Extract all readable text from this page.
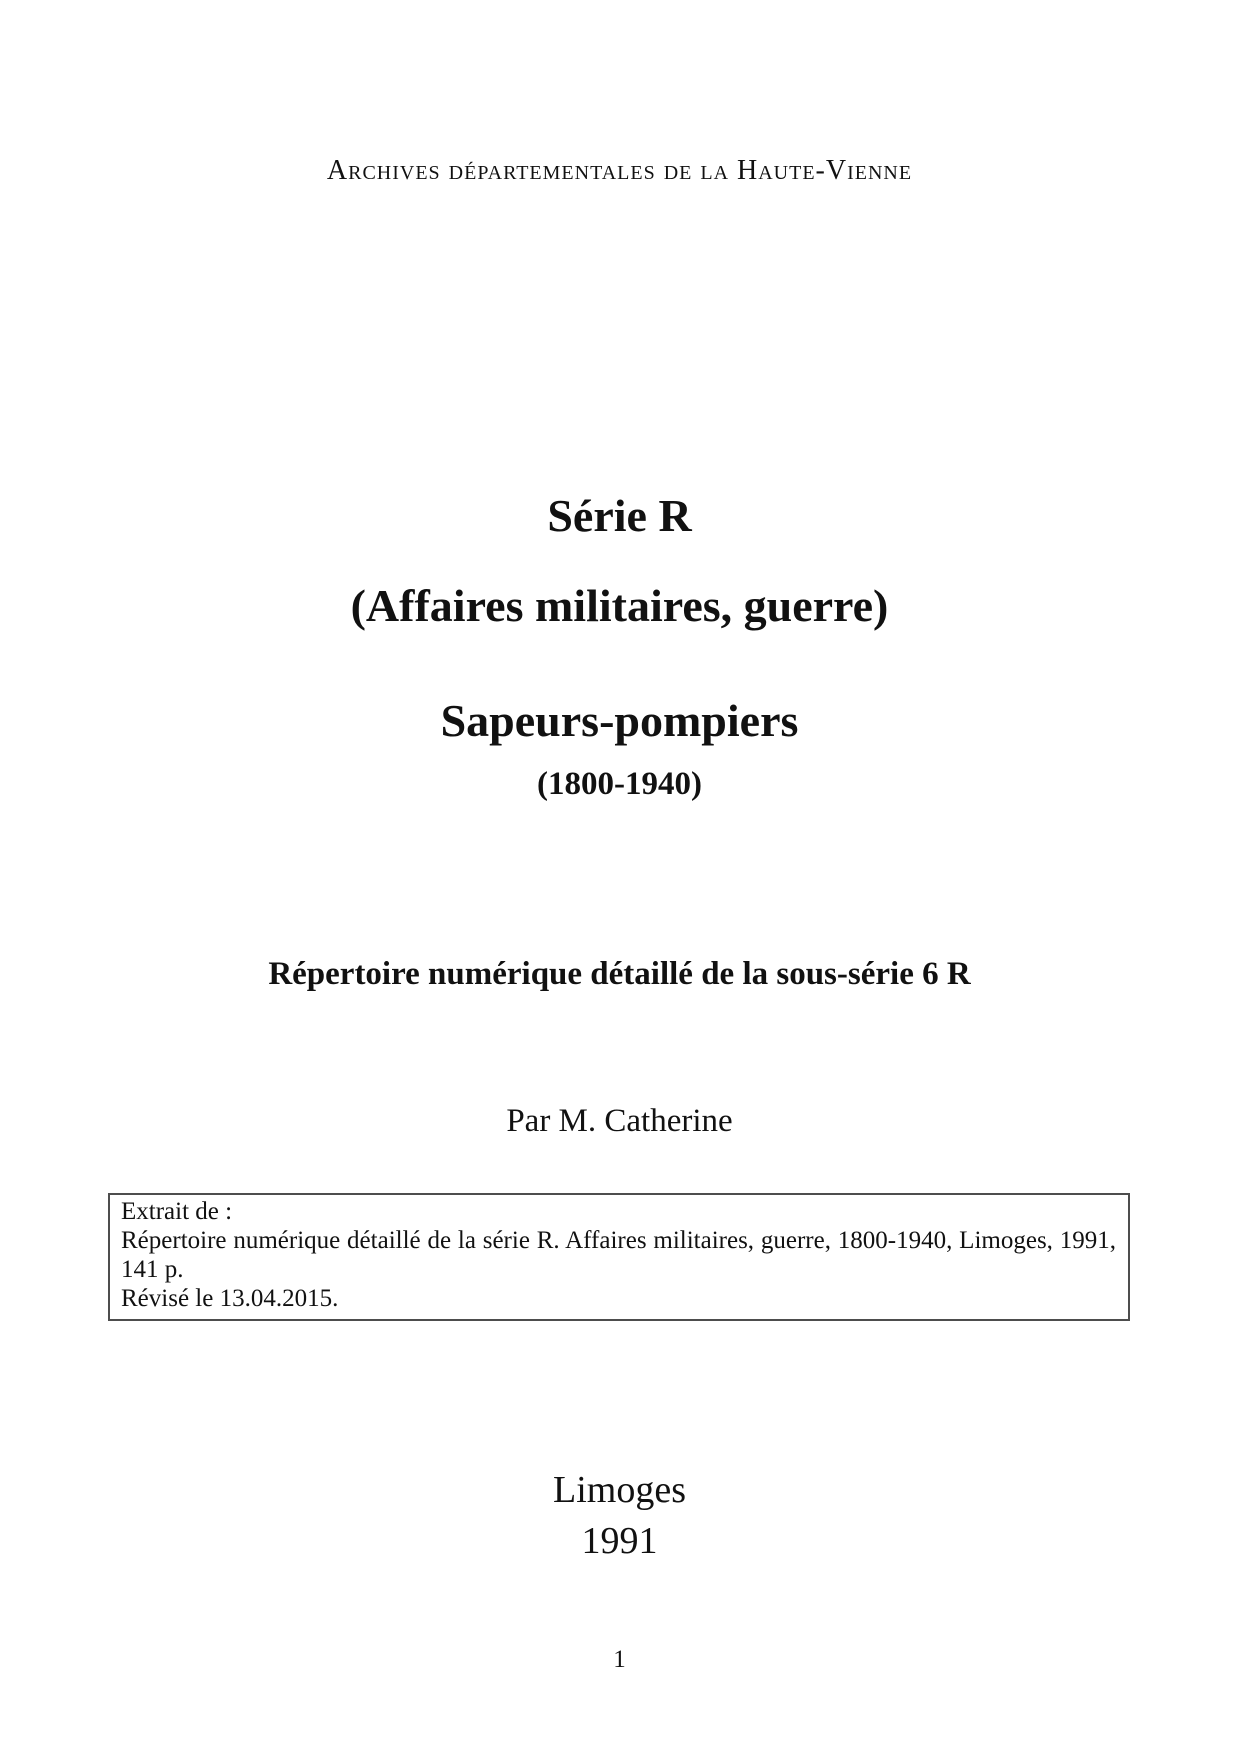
Archives départementales de la Haute-Vienne
Série R
(Affaires militaires, guerre)
Sapeurs-pompiers
(1800-1940)
Répertoire numérique détaillé de la sous-série 6 R
Par M. Catherine
Extrait de :
Répertoire numérique détaillé de la série R. Affaires militaires, guerre, 1800-1940, Limoges, 1991,
141 p.
Révisé le 13.04.2015.
Limoges
1991
1
